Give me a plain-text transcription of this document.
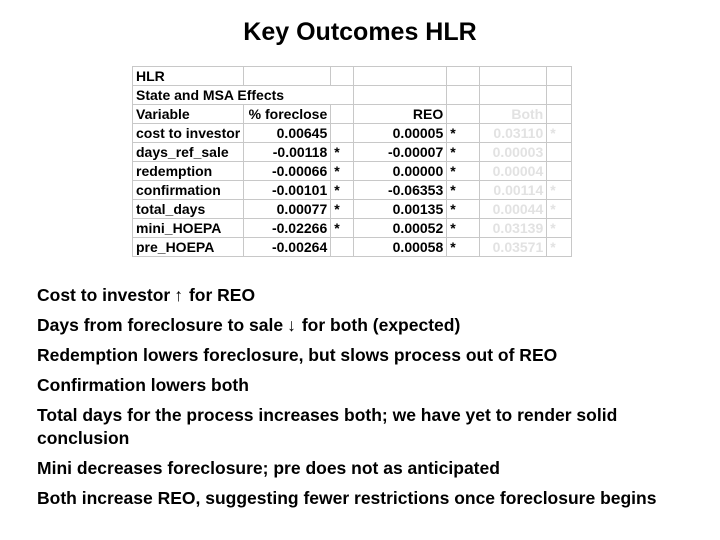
Key Outcomes HLR
HLR						
State and MSA Effects						
Variable	% foreclose		REO		Both	
cost to investor	0.00645		0.00005	*	0.03110	*
days_ref_sale	-0.00118	*	-0.00007	*	0.00003	
redemption	-0.00066	*	0.00000	*	0.00004	
confirmation	-0.00101	*	-0.06353	*	0.00114	*
total_days	0.00077	*	0.00135	*	0.00044	*
mini_HOEPA	-0.02266	*	0.00052	*	0.03139	*
pre_HOEPA	-0.00264		0.00058	*	0.03571	*
Cost to investor ↑ for REO
Days from foreclosure to sale ↓ for both (expected)
Redemption lowers foreclosure, but slows process out of REO
Confirmation lowers both
Total days for the process increases both; we have yet to render solid conclusion
Mini decreases foreclosure; pre does not as anticipated
Both increase REO, suggesting fewer restrictions once foreclosure begins
